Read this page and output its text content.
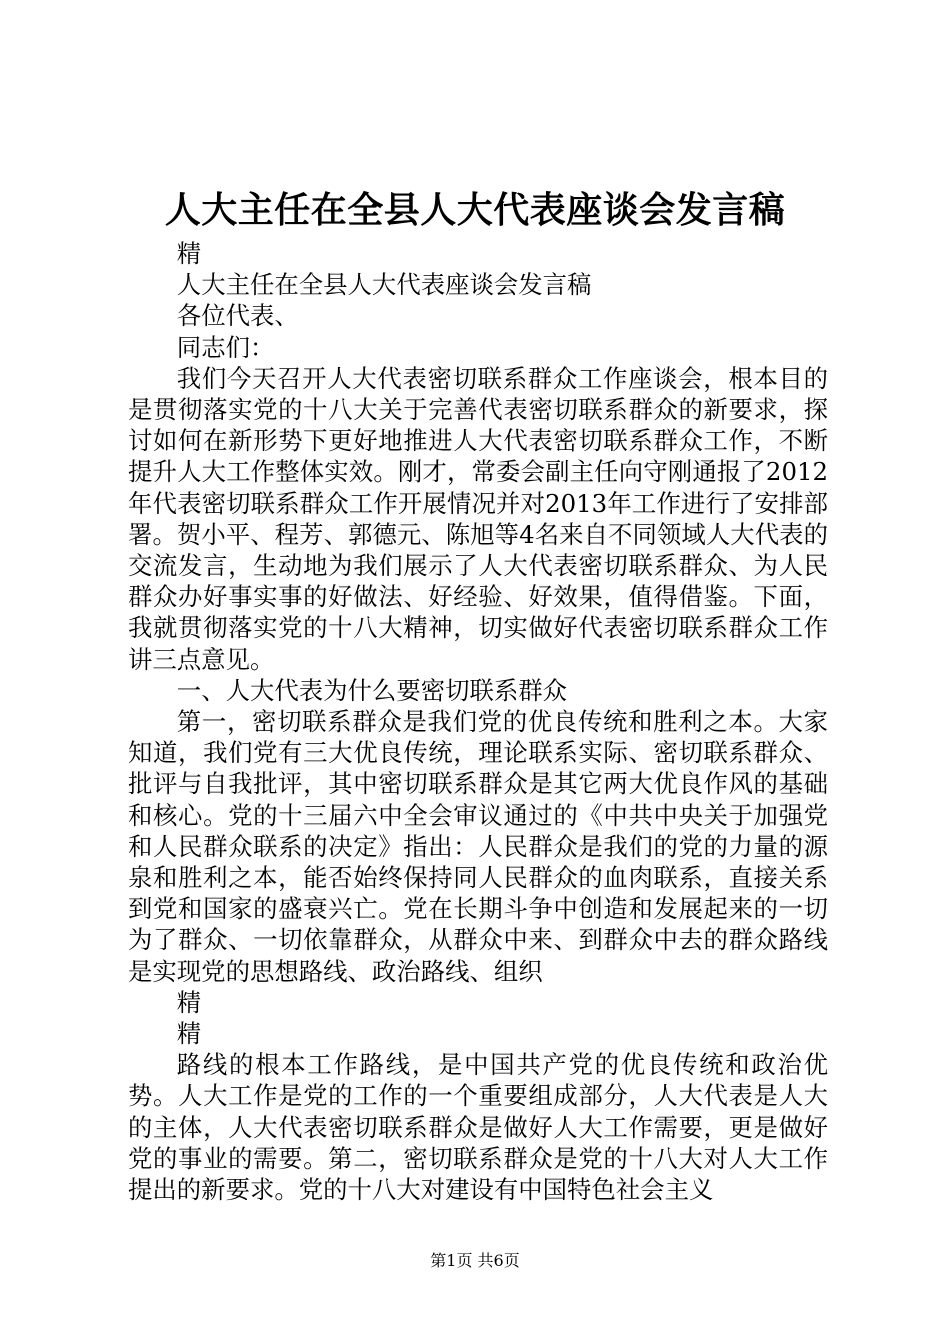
人大主任在全县人大代表座谈会发言稿

精

人大主任在全县人大代表座谈会发言稿

各位代表、

同志们：

我们今天召开人大代表密切联系群众工作座谈会，根本目的是贯彻落实党的十八大关于完善代表密切联系群众的新要求，探讨如何在新形势下更好地推进人大代表密切联系群众工作，不断提升人大工作整体实效。刚才，常委会副主任向守刚通报了2012年代表密切联系群众工作开展情况并对2013年工作进行了安排部署。贺小平、程芳、郭德元、陈旭等4名来自不同领域人大代表的交流发言，生动地为我们展示了人大代表密切联系群众、为人民群众办好事实事的好做法、好经验、好效果，值得借鉴。下面，我就贯彻落实党的十八大精神，切实做好代表密切联系群众工作讲三点意见。

一、人大代表为什么要密切联系群众

第一，密切联系群众是我们党的优良传统和胜利之本。大家知道，我们党有三大优良传统，理论联系实际、密切联系群众、批评与自我批评，其中密切联系群众是其它两大优良作风的基础和核心。党的十三届六中全会审议通过的《中共中央关于加强党和人民群众联系的决定》指出：人民群众是我们的党的力量的源泉和胜利之本，能否始终保持同人民群众的血肉联系，直接关系到党和国家的盛衰兴亡。党在长期斗争中创造和发展起来的一切为了群众、一切依靠群众，从群众中来、到群众中去的群众路线是实现党的思想路线、政治路线、组织

精

精

路线的根本工作路线，是中国共产党的优良传统和政治优势。人大工作是党的工作的一个重要组成部分，人大代表是人大的主体，人大代表密切联系群众是做好人大工作需要，更是做好党的事业的需要。第二，密切联系群众是党的十八大对人大工作提出的新要求。党的十八大对建设有中国特色社会主义

第1页 共6页
